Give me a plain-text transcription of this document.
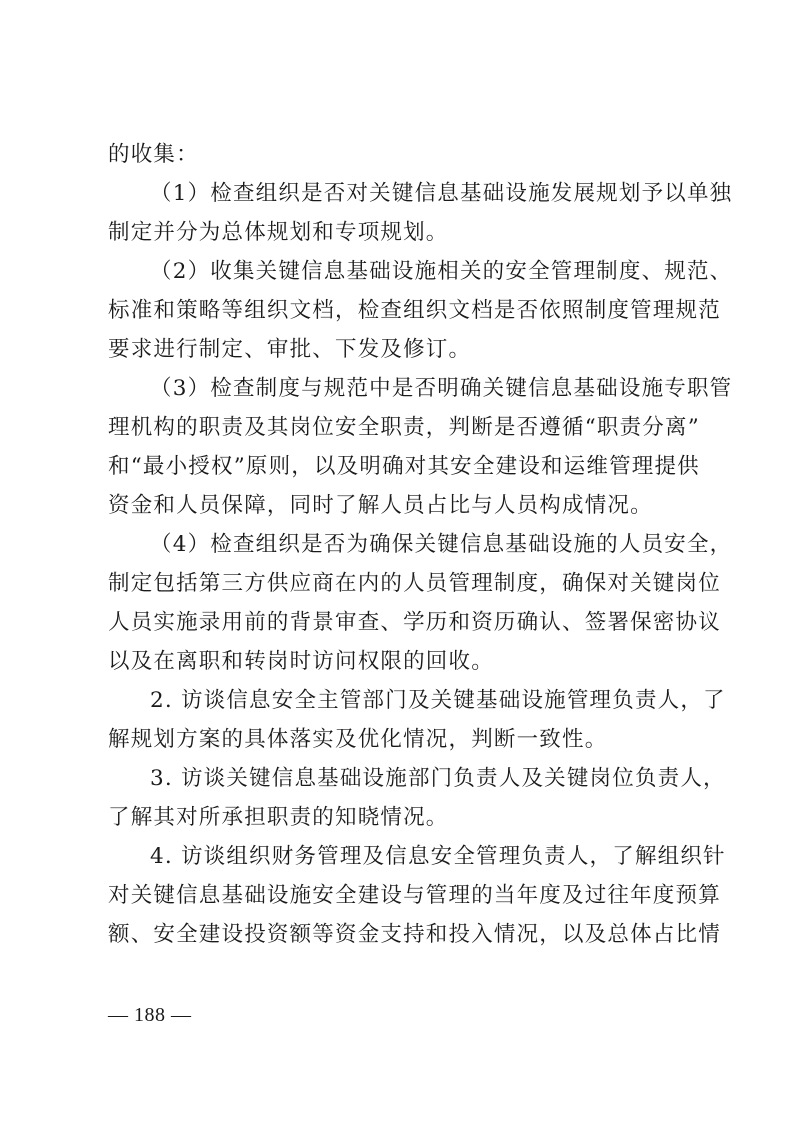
的收集：
（1）检查组织是否对关键信息基础设施发展规划予以单独
制定并分为总体规划和专项规划。
（2）收集关键信息基础设施相关的安全管理制度、规范、
标准和策略等组织文档，检查组织文档是否依照制度管理规范
要求进行制定、审批、下发及修订。
（3）检查制度与规范中是否明确关键信息基础设施专职管
理机构的职责及其岗位安全职责，判断是否遵循“职责分离”
和“最小授权”原则，以及明确对其安全建设和运维管理提供
资金和人员保障，同时了解人员占比与人员构成情况。
（4）检查组织是否为确保关键信息基础设施的人员安全，
制定包括第三方供应商在内的人员管理制度，确保对关键岗位
人员实施录用前的背景审查、学历和资历确认、签署保密协议
以及在离职和转岗时访问权限的回收。
2. 访谈信息安全主管部门及关键基础设施管理负责人，了
解规划方案的具体落实及优化情况，判断一致性。
3. 访谈关键信息基础设施部门负责人及关键岗位负责人，
了解其对所承担职责的知晓情况。
4. 访谈组织财务管理及信息安全管理负责人，了解组织针
对关键信息基础设施安全建设与管理的当年度及过往年度预算
额、安全建设投资额等资金支持和投入情况，以及总体占比情
— 188 —
